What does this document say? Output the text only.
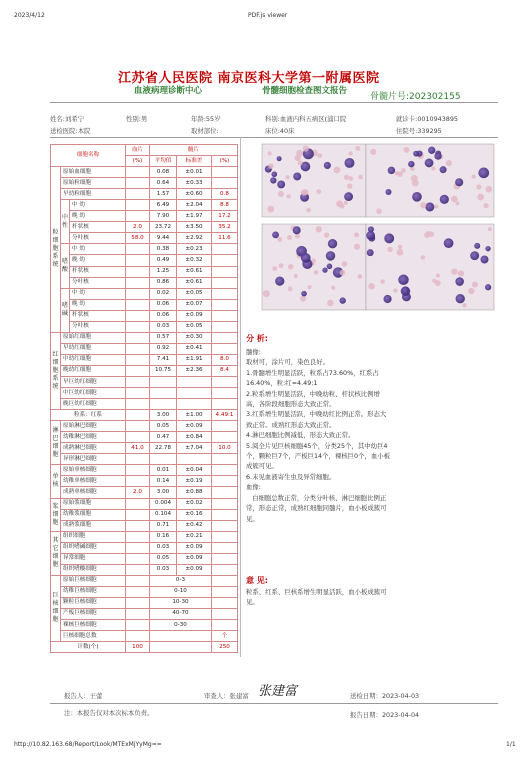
2023/4/12	PDF.js viewer
江苏省人民医院 南京医科大学第一附属医院
血液病理诊断中心	骨髓细胞检查图文报告
骨髓片号:202302155
姓名:刘希宁	性别:男	年龄:55岁	科别:血液内科五病区(浦口院	就诊卡:0010943895
送检医院:本院	取材部位:	床位:40床	住院号:339295
细胞名称			血片	髓片		
			(%)	平均值	标准差	(%)
粒细胞系统	原始血细胞			0.08	±0.01	
	原始粒细胞			0.64	±0.33	
	早幼粒细胞			1.57	±0.60	0.8
	中性	中 幼		6.49	±2.04	8.8
		晚 幼		7.90	±1.97	17.2
		杆状核	2.0	23.72	±3.50	35.2
		分叶核	58.0	9.44	±2.92	11.6
	嗜酸	中 幼		0.38	±0.23	
		晚 幼		0.49	±0.32	
		杆状核		1.25	±0.61	
		分叶核		0.86	±0.61	
	嗜碱	中 幼		0.02	±0.05	
		晚 幼		0.06	±0.07	
		杆状核		0.06	±0.09	
		分叶核		0.03	±0.05	
红细胞系统	原始红细胞			0.57	±0.30	
	早幼红细胞			0.92	±0.41	
	中幼红细胞			7.41	±1.91	8.0
	晚幼红细胞			10.75	±2.36	8.4
	早巨幼红细胞					
	中巨幼红细胞					
	晚巨幼红细胞					
粒系：红系				3.00	±1.00	4.49:1
淋巴细胞	原始淋巴细胞			0.05	±0.09	
	幼稚淋巴细胞			0.47	±0.84	
	成熟淋巴细胞		41.0	22.78	±7.04	10.0
	异形淋巴细胞					
单核	原始单核细胞			0.01	±0.04	
	幼稚单核细胞			0.14	±0.19	
	成熟单核细胞		2.0	3.00	±0.88	
浆细胞	原始浆细胞			0.004	±0.02	
	幼稚浆细胞			0.104	±0.16	
	成熟浆细胞			0.71	±0.42	
其它细胞	组织细胞			0.16	±0.21	
	组织嗜碱细胞			0.03	±0.09	
	异常细胞			0.05	±0.09	
	组织嗜酸细胞			0.03	±0.09	
巨核细胞	原始巨核细胞			0-3		
	幼稚巨核细胞			0-10		
	颗粒巨核细胞			10-30		
	产板巨核细胞			40-70		
	裸核巨核细胞			0-30		
	巨核细胞总数					个
计数(个)			100			250
报告人：王蕾	审查人：张建富 张建富	送检日期：2023-04-03
注：本报告仅对本次标本负责。	报告日期：2023-04-04
http://10.82.163.68/Report/Look/MTExMjYyMg==	1/1
分 析:
髓像:
取材可，涂片可，染色良好。
1.骨髓增生明显活跃，粒系占73.60%，红系占
16.40%，粒:红=4.49:1
2.粒系增生明显活跃，中晚幼粒、杆状核比例增
高，各阶段细胞形态大致正常。
3.红系增生明显活跃，中晚幼红比例正常。形态大
致正常。成熟红形态大致正常。
4.淋巴细胞比例减低，形态大致正常。
5.阅全片见巨核细胞45个，分类25个，其中幼巨4
个，颗粒巨7个，产板巨14个，裸核巨0个，血小板
成簇可见。
6.未见血液寄生虫及异常细胞。
血像:
白细胞总数正常，分类分叶核、淋巴细胞比例正
常，形态正常，成熟红细胞同髓片，血小板成簇可
见。
意 见:
粒系、红系、巨核系增生明显活跃，血小板成簇可
见。
